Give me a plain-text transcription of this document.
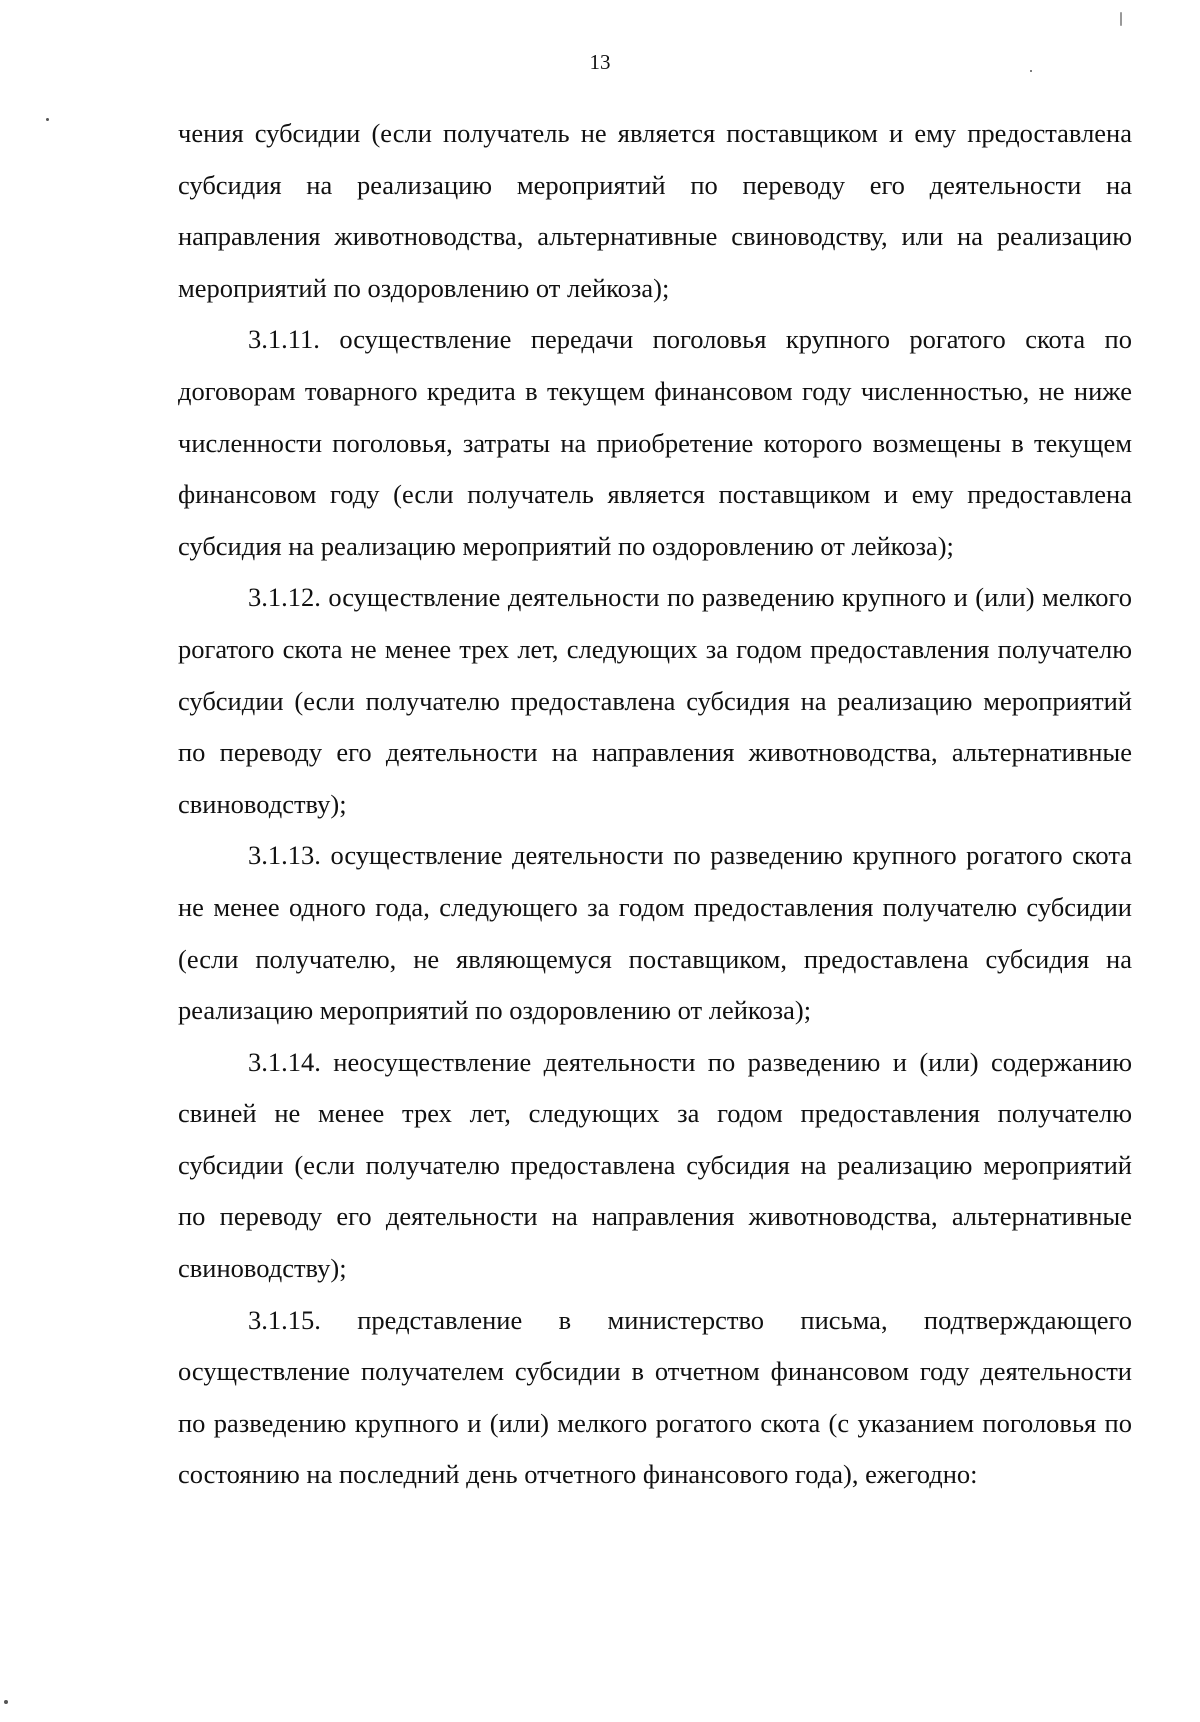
13

чения субсидии (если получатель не является поставщиком и ему предоставлена субсидия на реализацию мероприятий по переводу его деятельности на направления животноводства, альтернативные свиноводству, или на реализацию мероприятий по оздоровлению от лейкоза);

3.1.11. осуществление передачи поголовья крупного рогатого скота по договорам товарного кредита в текущем финансовом году численностью, не ниже численности поголовья, затраты на приобретение которого возмещены в текущем финансовом году (если получатель является поставщиком и ему предоставлена субсидия на реализацию мероприятий по оздоровлению от лейкоза);

3.1.12. осуществление деятельности по разведению крупного и (или) мелкого рогатого скота не менее трех лет, следующих за годом предоставления получателю субсидии (если получателю предоставлена субсидия на реализацию мероприятий по переводу его деятельности на направления животноводства, альтернативные свиноводству);

3.1.13. осуществление деятельности по разведению крупного рогатого скота не менее одного года, следующего за годом предоставления получателю субсидии (если получателю, не являющемуся поставщиком, предоставлена субсидия на реализацию мероприятий по оздоровлению от лейкоза);

3.1.14. неосуществление деятельности по разведению и (или) содержанию свиней не менее трех лет, следующих за годом предоставления получателю субсидии (если получателю предоставлена субсидия на реализацию мероприятий по переводу его деятельности на направления животноводства, альтернативные свиноводству);

3.1.15. представление в министерство письма, подтверждающего осуществление получателем субсидии в отчетном финансовом году деятельности по разведению крупного и (или) мелкого рогатого скота (с указанием поголовья по состоянию на последний день отчетного финансового года), ежегодно:
